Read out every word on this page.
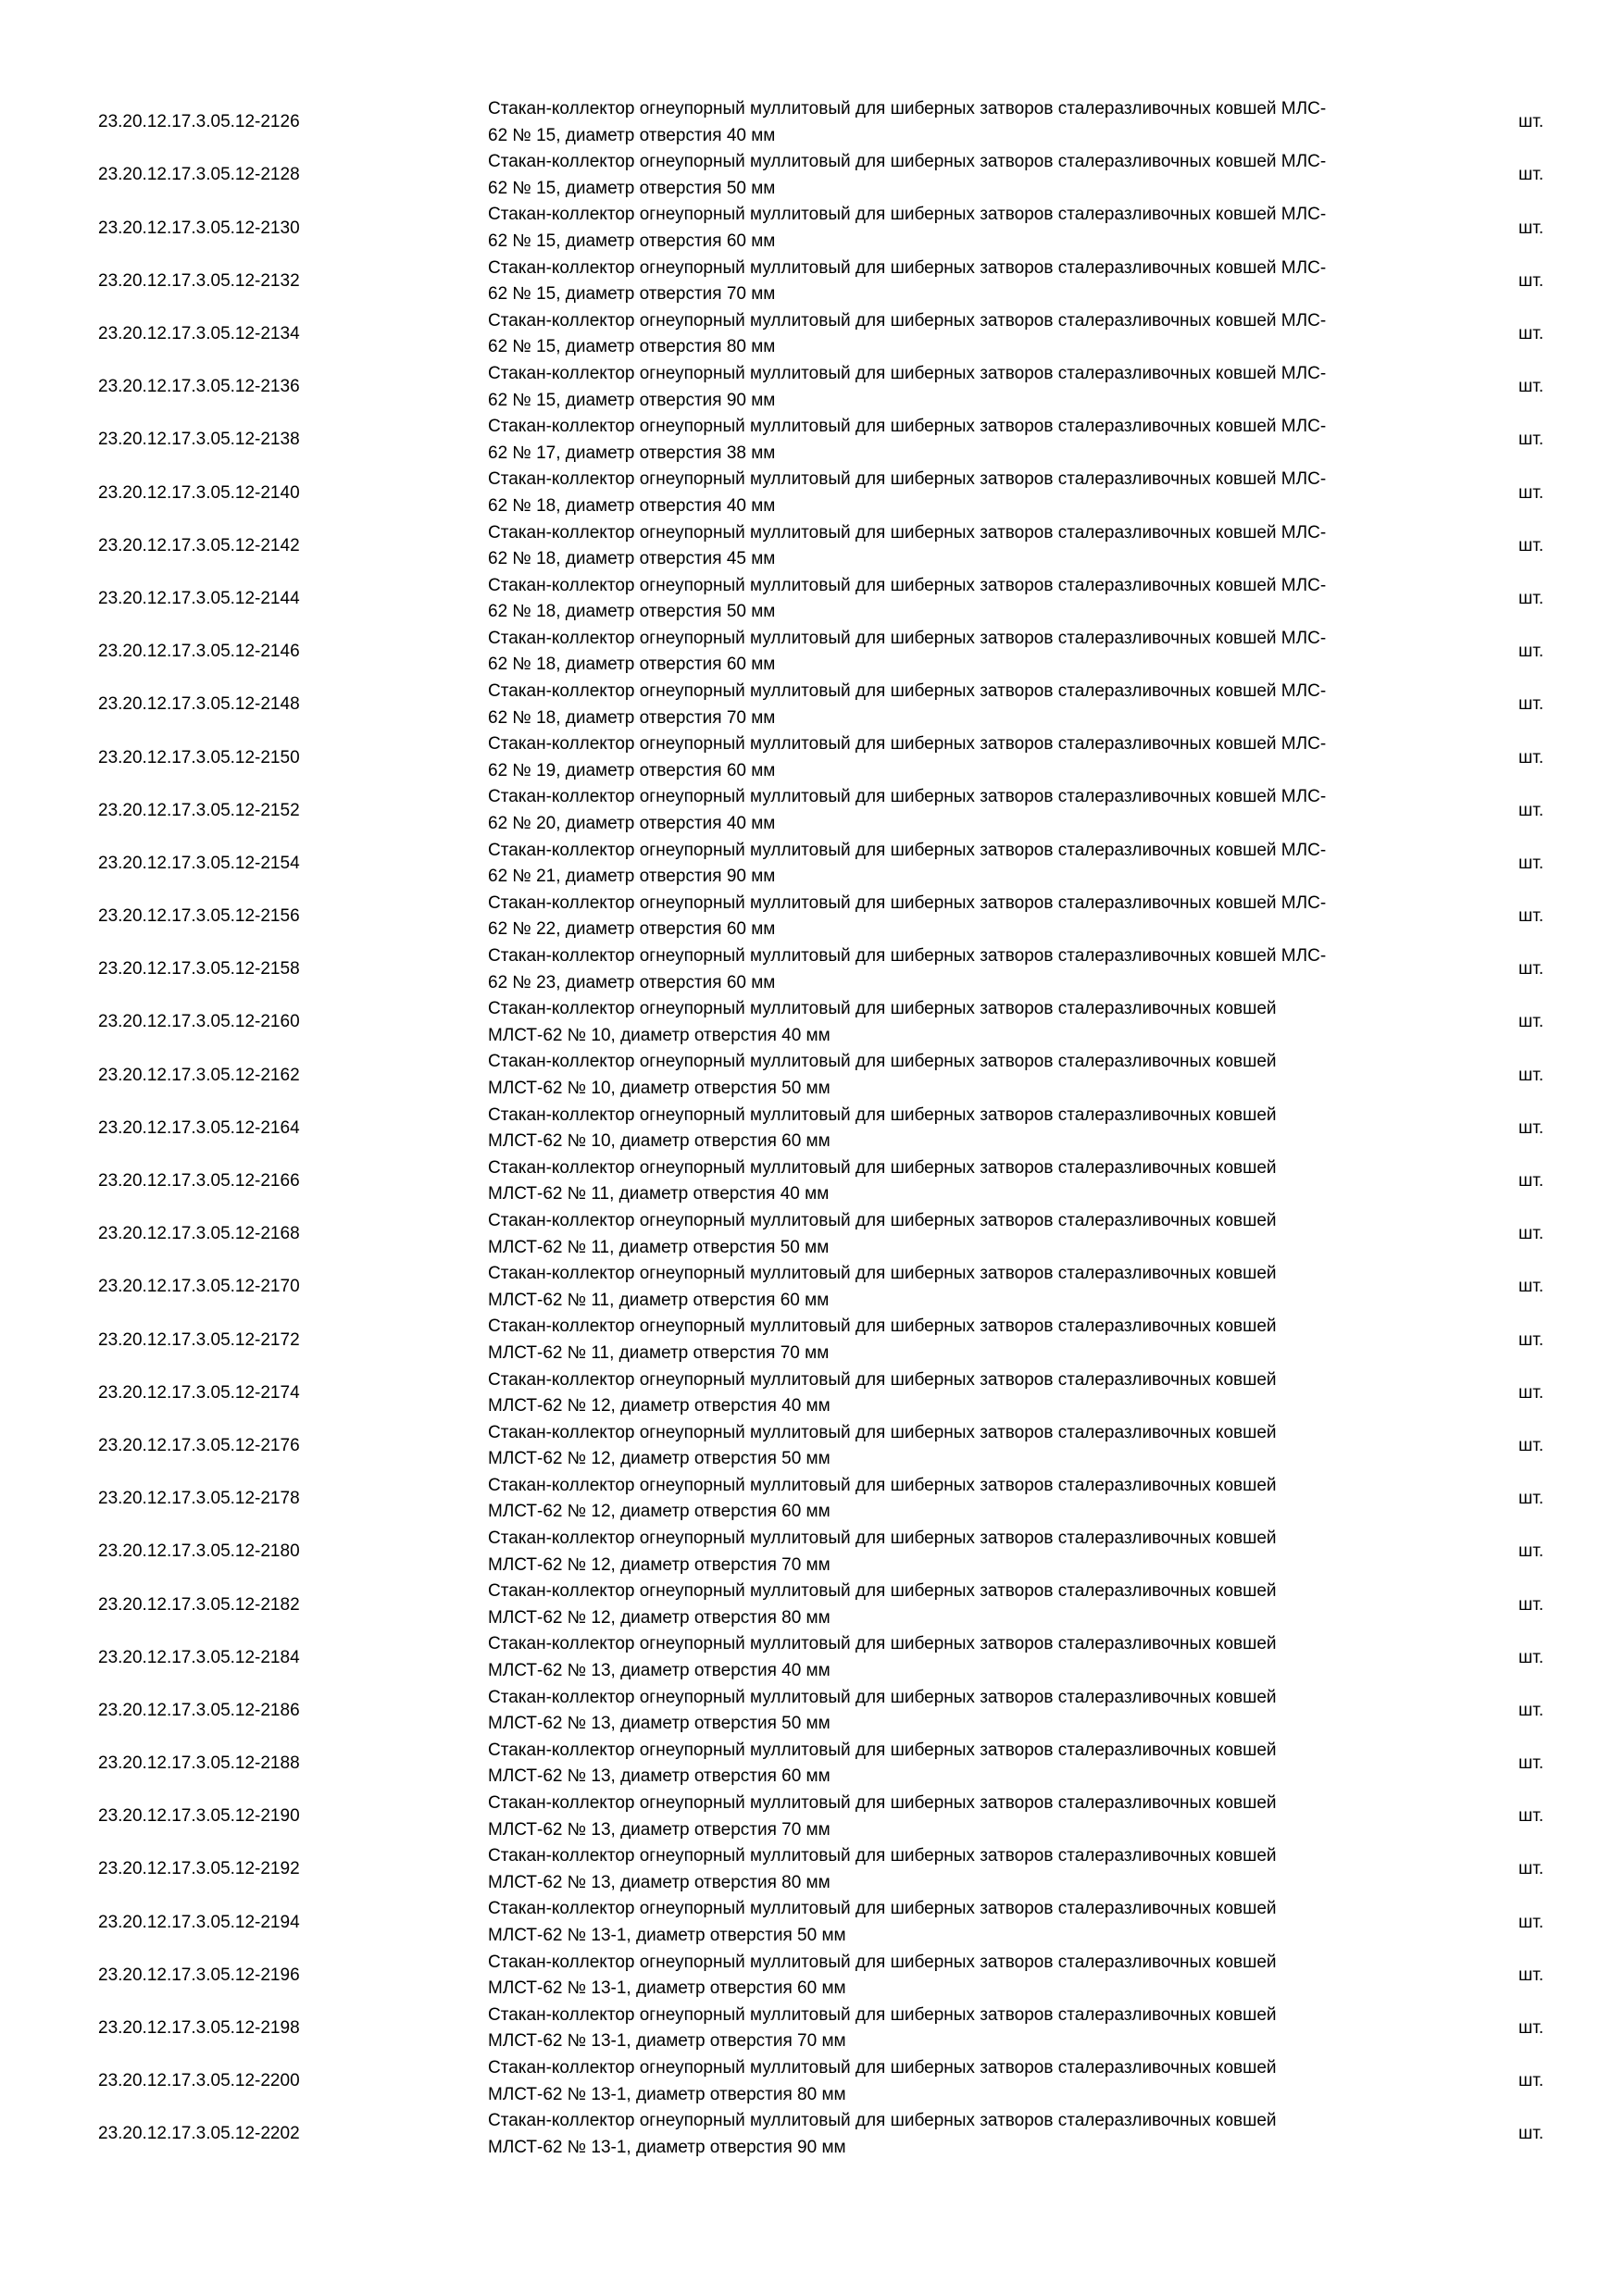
23.20.12.17.3.05.12-2126
Стакан-коллектор огнеупорный муллитовый для шиберных затворов сталеразливочных ковшей МЛС-
62 № 15, диаметр отверстия 40 мм
шт.
23.20.12.17.3.05.12-2128
Стакан-коллектор огнеупорный муллитовый для шиберных затворов сталеразливочных ковшей МЛС-
62 № 15, диаметр отверстия 50 мм
шт.
23.20.12.17.3.05.12-2130
Стакан-коллектор огнеупорный муллитовый для шиберных затворов сталеразливочных ковшей МЛС-
62 № 15, диаметр отверстия 60 мм
шт.
23.20.12.17.3.05.12-2132
Стакан-коллектор огнеупорный муллитовый для шиберных затворов сталеразливочных ковшей МЛС-
62 № 15, диаметр отверстия 70 мм
шт.
23.20.12.17.3.05.12-2134
Стакан-коллектор огнеупорный муллитовый для шиберных затворов сталеразливочных ковшей МЛС-
62 № 15, диаметр отверстия 80 мм
шт.
23.20.12.17.3.05.12-2136
Стакан-коллектор огнеупорный муллитовый для шиберных затворов сталеразливочных ковшей МЛС-
62 № 15, диаметр отверстия 90 мм
шт.
23.20.12.17.3.05.12-2138
Стакан-коллектор огнеупорный муллитовый для шиберных затворов сталеразливочных ковшей МЛС-
62 № 17, диаметр отверстия 38 мм
шт.
23.20.12.17.3.05.12-2140
Стакан-коллектор огнеупорный муллитовый для шиберных затворов сталеразливочных ковшей МЛС-
62 № 18, диаметр отверстия 40 мм
шт.
23.20.12.17.3.05.12-2142
Стакан-коллектор огнеупорный муллитовый для шиберных затворов сталеразливочных ковшей МЛС-
62 № 18, диаметр отверстия 45 мм
шт.
23.20.12.17.3.05.12-2144
Стакан-коллектор огнеупорный муллитовый для шиберных затворов сталеразливочных ковшей МЛС-
62 № 18, диаметр отверстия 50 мм
шт.
23.20.12.17.3.05.12-2146
Стакан-коллектор огнеупорный муллитовый для шиберных затворов сталеразливочных ковшей МЛС-
62 № 18, диаметр отверстия 60 мм
шт.
23.20.12.17.3.05.12-2148
Стакан-коллектор огнеупорный муллитовый для шиберных затворов сталеразливочных ковшей МЛС-
62 № 18, диаметр отверстия 70 мм
шт.
23.20.12.17.3.05.12-2150
Стакан-коллектор огнеупорный муллитовый для шиберных затворов сталеразливочных ковшей МЛС-
62 № 19, диаметр отверстия 60 мм
шт.
23.20.12.17.3.05.12-2152
Стакан-коллектор огнеупорный муллитовый для шиберных затворов сталеразливочных ковшей МЛС-
62 № 20, диаметр отверстия 40 мм
шт.
23.20.12.17.3.05.12-2154
Стакан-коллектор огнеупорный муллитовый для шиберных затворов сталеразливочных ковшей МЛС-
62 № 21, диаметр отверстия 90 мм
шт.
23.20.12.17.3.05.12-2156
Стакан-коллектор огнеупорный муллитовый для шиберных затворов сталеразливочных ковшей МЛС-
62 № 22, диаметр отверстия 60 мм
шт.
23.20.12.17.3.05.12-2158
Стакан-коллектор огнеупорный муллитовый для шиберных затворов сталеразливочных ковшей МЛС-
62 № 23, диаметр отверстия 60 мм
шт.
23.20.12.17.3.05.12-2160
Стакан-коллектор огнеупорный муллитовый для шиберных затворов сталеразливочных ковшей
МЛСТ-62 № 10, диаметр отверстия 40 мм
шт.
23.20.12.17.3.05.12-2162
Стакан-коллектор огнеупорный муллитовый для шиберных затворов сталеразливочных ковшей
МЛСТ-62 № 10, диаметр отверстия 50 мм
шт.
23.20.12.17.3.05.12-2164
Стакан-коллектор огнеупорный муллитовый для шиберных затворов сталеразливочных ковшей
МЛСТ-62 № 10, диаметр отверстия 60 мм
шт.
23.20.12.17.3.05.12-2166
Стакан-коллектор огнеупорный муллитовый для шиберных затворов сталеразливочных ковшей
МЛСТ-62 № 11, диаметр отверстия 40 мм
шт.
23.20.12.17.3.05.12-2168
Стакан-коллектор огнеупорный муллитовый для шиберных затворов сталеразливочных ковшей
МЛСТ-62 № 11, диаметр отверстия 50 мм
шт.
23.20.12.17.3.05.12-2170
Стакан-коллектор огнеупорный муллитовый для шиберных затворов сталеразливочных ковшей
МЛСТ-62 № 11, диаметр отверстия 60 мм
шт.
23.20.12.17.3.05.12-2172
Стакан-коллектор огнеупорный муллитовый для шиберных затворов сталеразливочных ковшей
МЛСТ-62 № 11, диаметр отверстия 70 мм
шт.
23.20.12.17.3.05.12-2174
Стакан-коллектор огнеупорный муллитовый для шиберных затворов сталеразливочных ковшей
МЛСТ-62 № 12, диаметр отверстия 40 мм
шт.
23.20.12.17.3.05.12-2176
Стакан-коллектор огнеупорный муллитовый для шиберных затворов сталеразливочных ковшей
МЛСТ-62 № 12, диаметр отверстия 50 мм
шт.
23.20.12.17.3.05.12-2178
Стакан-коллектор огнеупорный муллитовый для шиберных затворов сталеразливочных ковшей
МЛСТ-62 № 12, диаметр отверстия 60 мм
шт.
23.20.12.17.3.05.12-2180
Стакан-коллектор огнеупорный муллитовый для шиберных затворов сталеразливочных ковшей
МЛСТ-62 № 12, диаметр отверстия 70 мм
шт.
23.20.12.17.3.05.12-2182
Стакан-коллектор огнеупорный муллитовый для шиберных затворов сталеразливочных ковшей
МЛСТ-62 № 12, диаметр отверстия 80 мм
шт.
23.20.12.17.3.05.12-2184
Стакан-коллектор огнеупорный муллитовый для шиберных затворов сталеразливочных ковшей
МЛСТ-62 № 13, диаметр отверстия 40 мм
шт.
23.20.12.17.3.05.12-2186
Стакан-коллектор огнеупорный муллитовый для шиберных затворов сталеразливочных ковшей
МЛСТ-62 № 13, диаметр отверстия 50 мм
шт.
23.20.12.17.3.05.12-2188
Стакан-коллектор огнеупорный муллитовый для шиберных затворов сталеразливочных ковшей
МЛСТ-62 № 13, диаметр отверстия 60 мм
шт.
23.20.12.17.3.05.12-2190
Стакан-коллектор огнеупорный муллитовый для шиберных затворов сталеразливочных ковшей
МЛСТ-62 № 13, диаметр отверстия 70 мм
шт.
23.20.12.17.3.05.12-2192
Стакан-коллектор огнеупорный муллитовый для шиберных затворов сталеразливочных ковшей
МЛСТ-62 № 13, диаметр отверстия 80 мм
шт.
23.20.12.17.3.05.12-2194
Стакан-коллектор огнеупорный муллитовый для шиберных затворов сталеразливочных ковшей
МЛСТ-62 № 13-1, диаметр отверстия 50 мм
шт.
23.20.12.17.3.05.12-2196
Стакан-коллектор огнеупорный муллитовый для шиберных затворов сталеразливочных ковшей
МЛСТ-62 № 13-1, диаметр отверстия 60 мм
шт.
23.20.12.17.3.05.12-2198
Стакан-коллектор огнеупорный муллитовый для шиберных затворов сталеразливочных ковшей
МЛСТ-62 № 13-1, диаметр отверстия 70 мм
шт.
23.20.12.17.3.05.12-2200
Стакан-коллектор огнеупорный муллитовый для шиберных затворов сталеразливочных ковшей
МЛСТ-62 № 13-1, диаметр отверстия 80 мм
шт.
23.20.12.17.3.05.12-2202
Стакан-коллектор огнеупорный муллитовый для шиберных затворов сталеразливочных ковшей
МЛСТ-62 № 13-1, диаметр отверстия 90 мм
шт.
